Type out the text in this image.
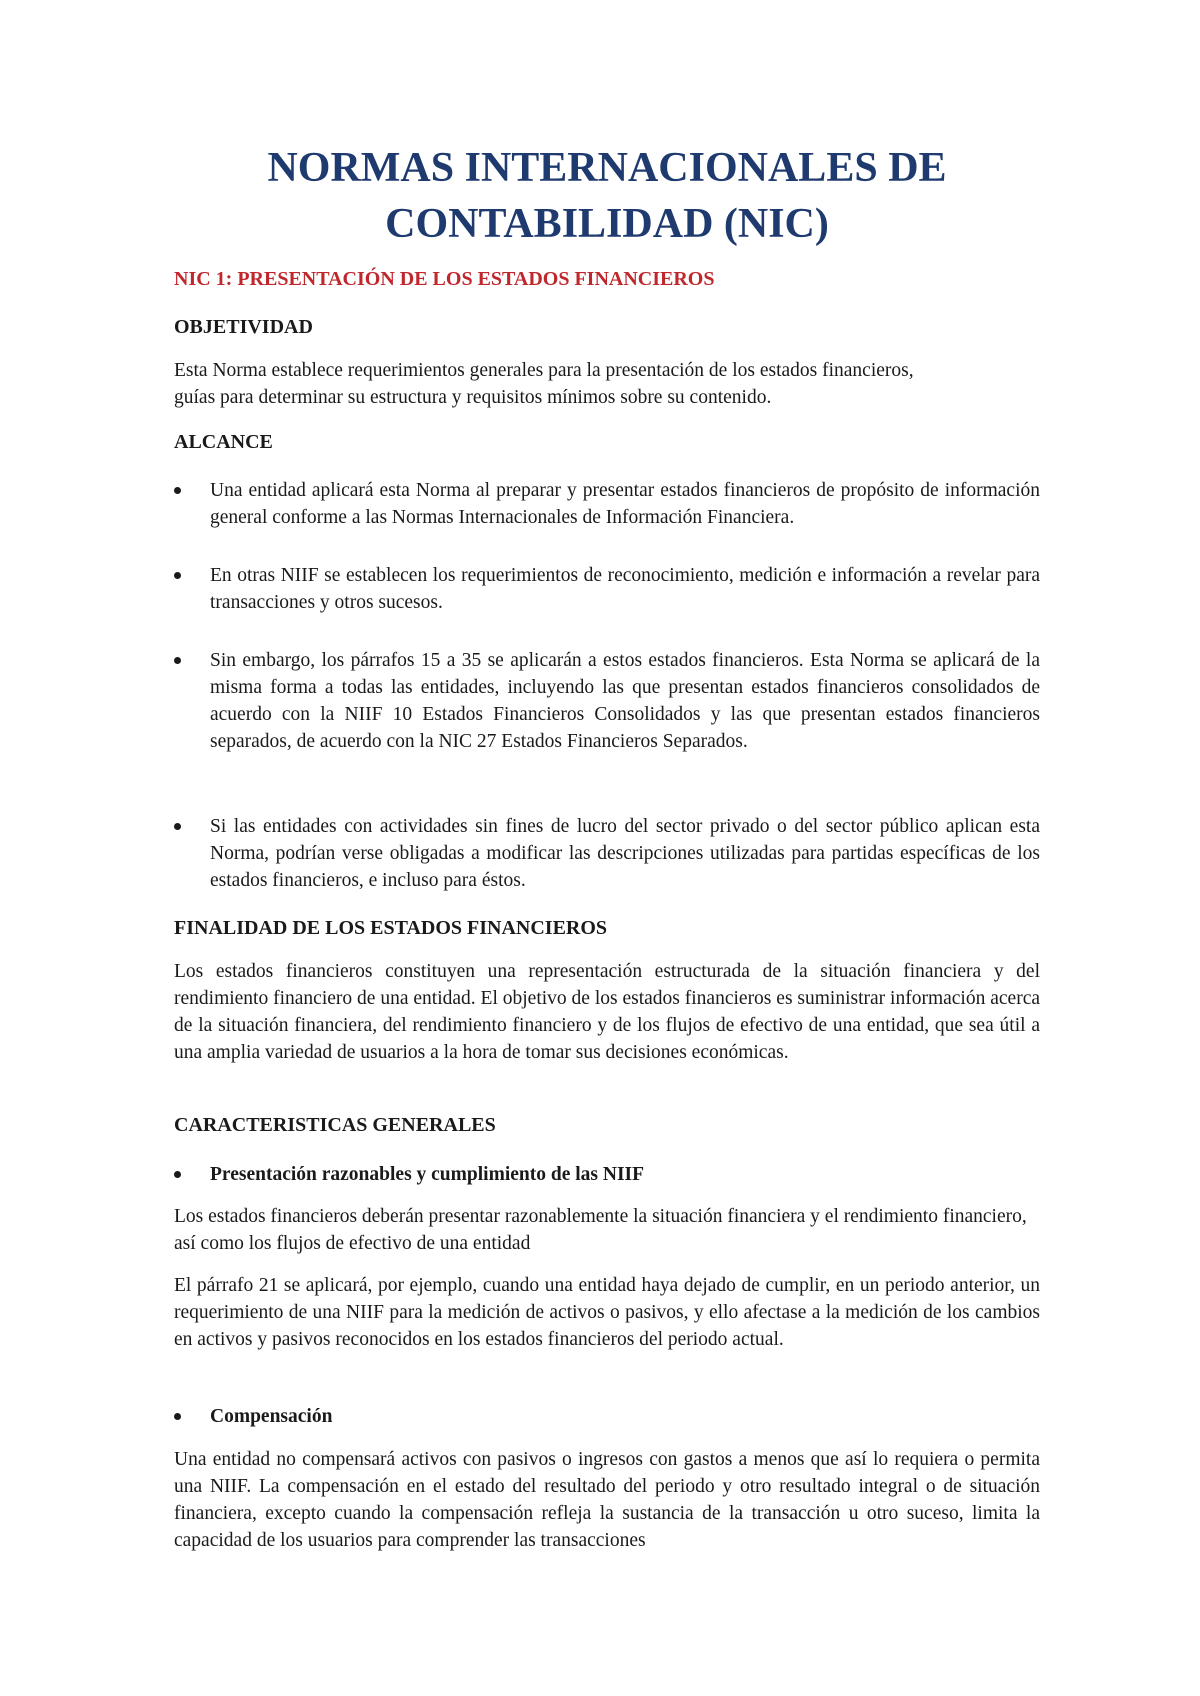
NORMAS INTERNACIONALES DE CONTABILIDAD (NIC)
NIC 1: PRESENTACIÓN DE LOS ESTADOS FINANCIEROS
OBJETIVIDAD

Esta Norma establece requerimientos generales para la presentación de los estados financieros, guías para determinar su estructura y requisitos mínimos sobre su contenido.

ALCANCE

Una entidad aplicará esta Norma al preparar y presentar estados financieros de propósito de información general conforme a las Normas Internacionales de Información Financiera.

En otras NIIF se establecen los requerimientos de reconocimiento, medición e información a revelar para transacciones y otros sucesos.

Sin embargo, los párrafos 15 a 35 se aplicarán a estos estados financieros. Esta Norma se aplicará de la misma forma a todas las entidades, incluyendo las que presentan estados financieros consolidados de acuerdo con la NIIF 10 Estados Financieros Consolidados y las que presentan estados financieros separados, de acuerdo con la NIC 27 Estados Financieros Separados.

Si las entidades con actividades sin fines de lucro del sector privado o del sector público aplican esta Norma, podrían verse obligadas a modificar las descripciones utilizadas para partidas específicas de los estados financieros, e incluso para éstos.

FINALIDAD DE LOS ESTADOS FINANCIEROS

Los estados financieros constituyen una representación estructurada de la situación financiera y del rendimiento financiero de una entidad. El objetivo de los estados financieros es suministrar información acerca de la situación financiera, del rendimiento financiero y de los flujos de efectivo de una entidad, que sea útil a una amplia variedad de usuarios a la hora de tomar sus decisiones económicas.

CARACTERISTICAS GENERALES

Presentación razonables y cumplimiento de las NIIF

Los estados financieros deberán presentar razonablemente la situación financiera y el rendimiento financiero, así como los flujos de efectivo de una entidad

El párrafo 21 se aplicará, por ejemplo, cuando una entidad haya dejado de cumplir, en un periodo anterior, un requerimiento de una NIIF para la medición de activos o pasivos, y ello afectase a la medición de los cambios en activos y pasivos reconocidos en los estados financieros del periodo actual.

Compensación

Una entidad no compensará activos con pasivos o ingresos con gastos a menos que así lo requiera o permita una NIIF. La compensación en el estado del resultado del periodo y otro resultado integral o de situación financiera, excepto cuando la compensación refleja la sustancia de la transacción u otro suceso, limita la capacidad de los usuarios para comprender las transacciones
